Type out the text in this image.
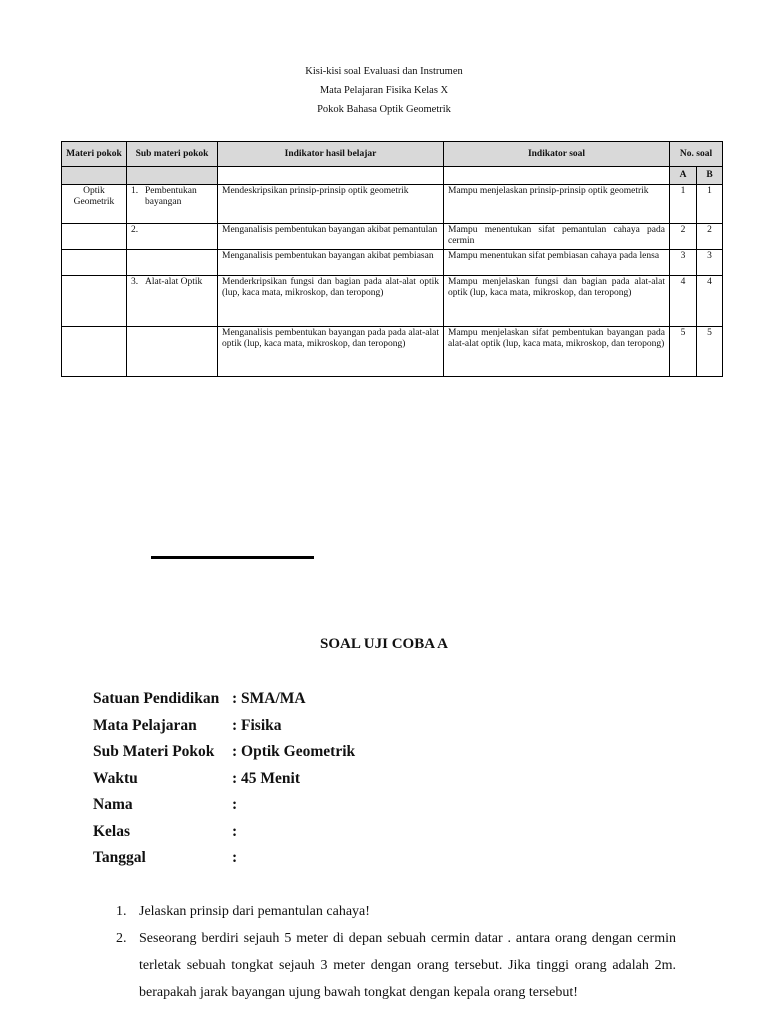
Kisi-kisi soal Evaluasi dan Instrumen
Mata Pelajaran Fisika Kelas X
Pokok Bahasa Optik Geometrik
Materi pokok	Sub materi pokok	Indikator hasil belajar	Indikator soal	No. soal	
				A	B
Optik Geometrik	1. Pembentukan bayangan	Mendeskripsikan prinsip-prinsip optik geometrik	Mampu menjelaskan prinsip-prinsip optik geometrik	1	1

	2.	Menganalisis pembentukan bayangan akibat pemantulan	Mampu menentukan sifat pemantulan cahaya pada cermin	2	2

	Menganalisis pembentukan bayangan akibat pembiasan	Mampu menentukan sifat pembiasan cahaya pada lensa	3	3

	3. Alat-alat Optik	Menderkripsikan fungsi dan bagian pada alat-alat optik (lup, kaca mata, mikroskop, dan teropong)	Mampu menjelaskan fungsi dan bagian pada alat-alat optik (lup, kaca mata, mikroskop, dan teropong)	4	4

	Menganalisis pembentukan bayangan pada pada alat-alat optik (lup, kaca mata, mikroskop, dan teropong)	Mampu menjelaskan sifat pembentukan bayangan pada alat-alat optik (lup, kaca mata, mikroskop, dan teropong)	5	5
SOAL UJI COBA A
Satuan Pendidikan : SMA/MA
Mata Pelajaran	: Fisika
Sub Materi Pokok	: Optik Geometrik
Waktu	: 45 Menit
Nama	:
Kelas	:
Tanggal	:
1. Jelaskan prinsip dari pemantulan cahaya!
2. Seseorang berdiri sejauh 5 meter di depan sebuah cermin datar . antara orang dengan cermin terletak sebuah tongkat sejauh 3 meter dengan orang tersebut. Jika tinggi orang adalah 2m. berapakah jarak bayangan ujung bawah tongkat dengan kepala orang tersebut!
